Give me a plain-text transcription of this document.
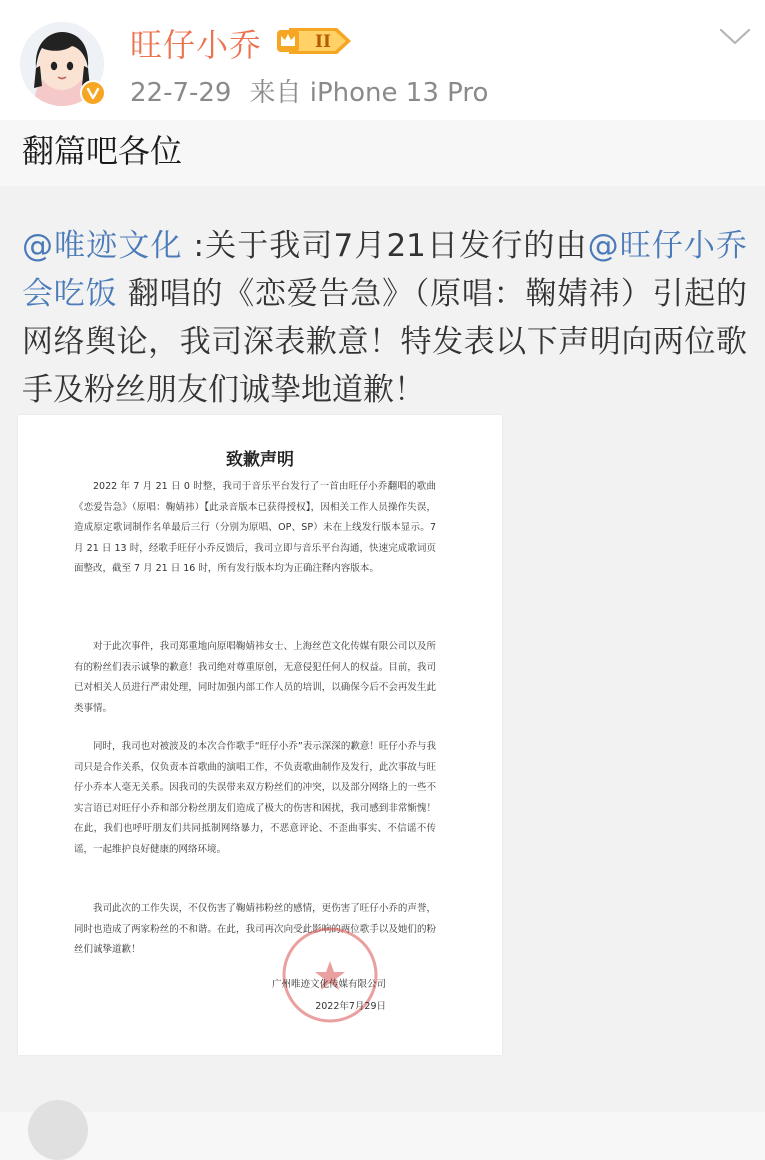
旺仔小乔	II
22-7-29 来自 iPhone 13 Pro
翻篇吧各位
@唯迹文化 :关于我司7月21日发行的由@旺仔小乔会吃饭 翻唱的《恋爱告急》（原唱：鞠婧祎）引起的网络舆论，我司深表歉意！特发表以下声明向两位歌手及粉丝朋友们诚挚地道歉！
致歉声明

2022 年 7 月 21 日 0 时整，我司于音乐平台发行了一首由旺仔小乔翻唱的歌曲《恋爱告急》（原唱：鞠婧祎）【此录音版本已获得授权】，因相关工作人员操作失误，造成原定歌词制作名单最后三行（分别为原唱、OP、SP）未在上线发行版本显示。7 月 21 日 13 时，经歌手旺仔小乔反馈后，我司立即与音乐平台沟通，快速完成歌词页面整改，截至 7 月 21 日 16 时，所有发行版本均为正确注释内容版本。

对于此次事件，我司郑重地向原唱鞠婧祎女士、上海丝芭文化传媒有限公司以及所有的粉丝们表示诚挚的歉意！我司绝对尊重原创，无意侵犯任何人的权益。目前，我司已对相关人员进行严肃处理，同时加强内部工作人员的培训，以确保今后不会再发生此类事情。

同时，我司也对被波及的本次合作歌手“旺仔小乔”表示深深的歉意！旺仔小乔与我司只是合作关系，仅负责本首歌曲的演唱工作，不负责歌曲制作及发行，此次事故与旺仔小乔本人毫无关系。因我司的失误带来双方粉丝们的冲突，以及部分网络上的一些不实言语已对旺仔小乔和部分粉丝朋友们造成了极大的伤害和困扰，我司感到非常惭愧！在此，我们也呼吁朋友们共同抵制网络暴力，不恶意评论、不歪曲事实、不信谣不传谣，一起维护良好健康的网络环境。

我司此次的工作失误，不仅伤害了鞠婧祎粉丝的感情，更伤害了旺仔小乔的声誉，同时也造成了两家粉丝的不和谐。在此，我司再次向受此影响的两位歌手以及她们的粉丝们诚挚道歉！

广州唯迹文化传媒有限公司
2022年7月29日
